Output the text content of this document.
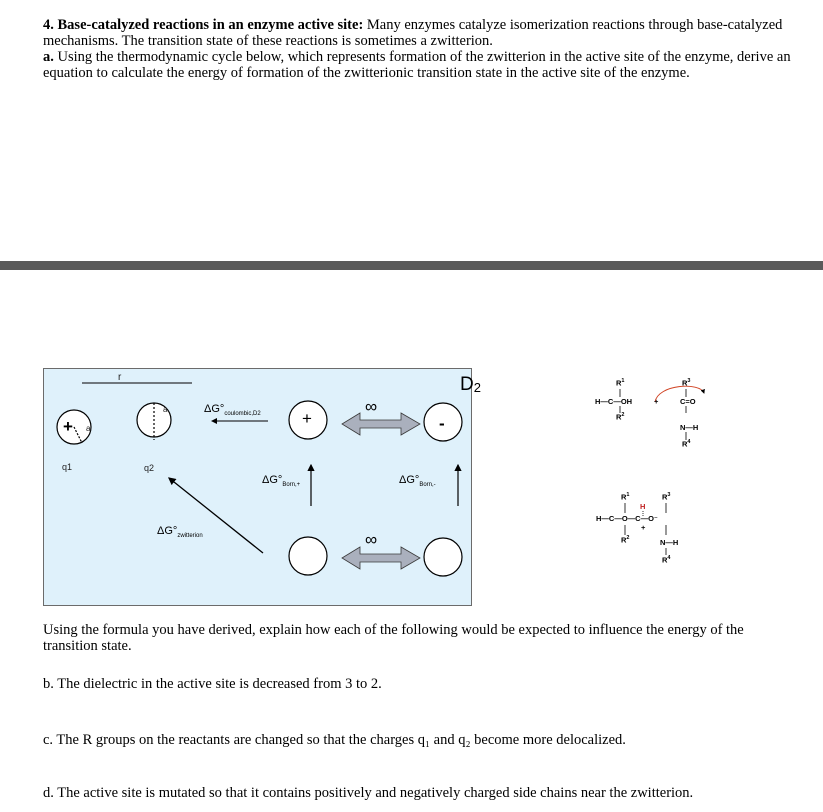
4. Base-catalyzed reactions in an enzyme active site: Many enzymes catalyze isomerization reactions through base-catalyzed mechanisms. The transition state of these reactions is sometimes a zwitterion.
a. Using the thermodynamic cycle below, which represents formation of the zwitterion in the active site of the enzyme, derive an equation to calculate the energy of formation of the zwitterionic transition state in the active site of the enzyme.
r
+ a
a
q1	q2
$\Delta G^\circ_{coulombic,D2}$ +	-
∞
∞
D2
$\Delta G^\circ_{Born,+}$	$\Delta G^\circ_{Born,-}$
$\Delta G^\circ_{zwitterion}$
$R^1$	$R^3$
H—C—OH	+	C=O
$R^2$
N—H
$R^4$
$R^1$	$R^3$
H
H—C—O—C—O⁻
+
$R^2$	N—H
$R^4$
Using the formula you have derived, explain how each of the following would be expected to influence the energy of the transition state.
b. The dielectric in the active site is decreased from 3 to 2.
c. The R groups on the reactants are changed so that the charges q₁ and q₂ become more delocalized.
d. The active site is mutated so that it contains positively and negatively charged side chains near the zwitterion.
